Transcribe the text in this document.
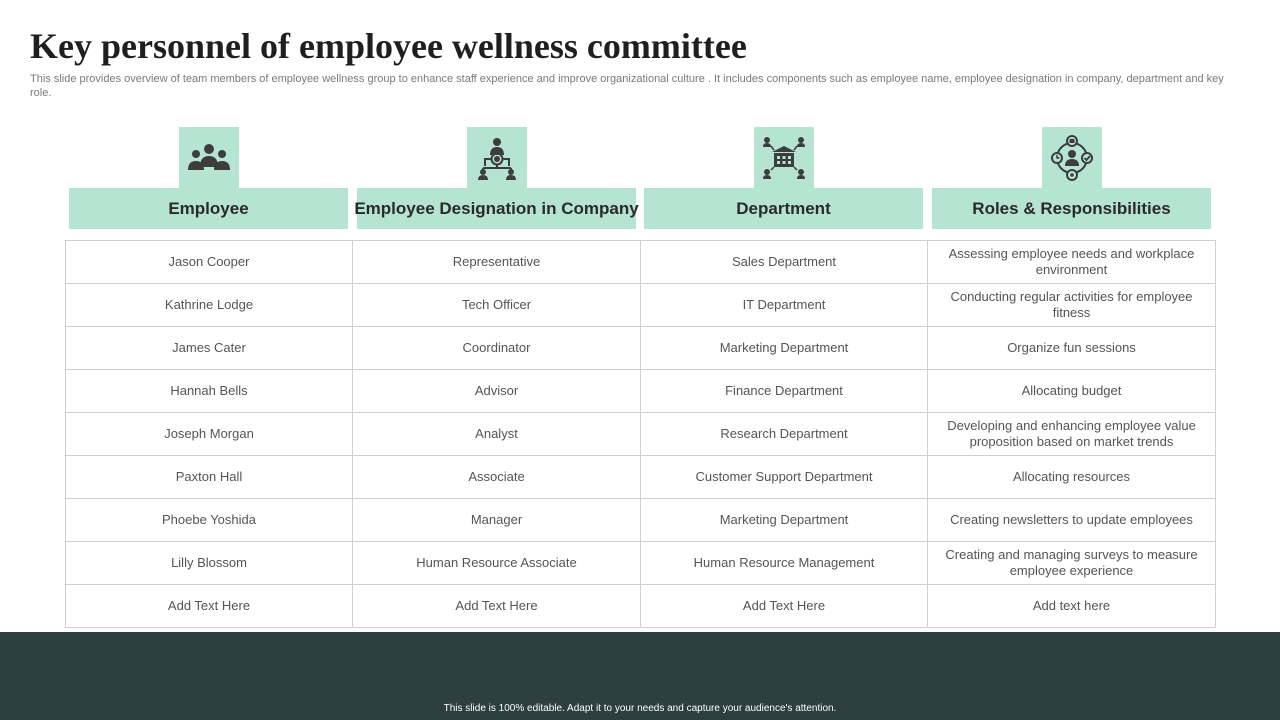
Key personnel of employee wellness committee

This slide provides overview of team members of employee wellness group to enhance staff experience and improve organizational culture . It includes components such as employee name, employee designation in company, department and key role.

Employee	Employee Designation in Company	Department	Roles & Responsibilities
Jason Cooper	Representative	Sales Department	Assessing employee needs and workplace environment
Kathrine Lodge	Tech Officer	IT Department	Conducting regular activities for employee fitness
James Cater	Coordinator	Marketing Department	Organize fun sessions
Hannah Bells	Advisor	Finance Department	Allocating budget
Joseph Morgan	Analyst	Research Department	Developing and enhancing employee value proposition based on market trends
Paxton Hall	Associate	Customer Support Department	Allocating resources
Phoebe Yoshida	Manager	Marketing Department	Creating newsletters to update employees
Lilly Blossom	Human Resource Associate	Human Resource Management	Creating and managing surveys to measure employee experience
Add Text Here	Add Text Here	Add Text Here	Add text here
This slide is 100% editable. Adapt it to your needs and capture your audience's attention.
